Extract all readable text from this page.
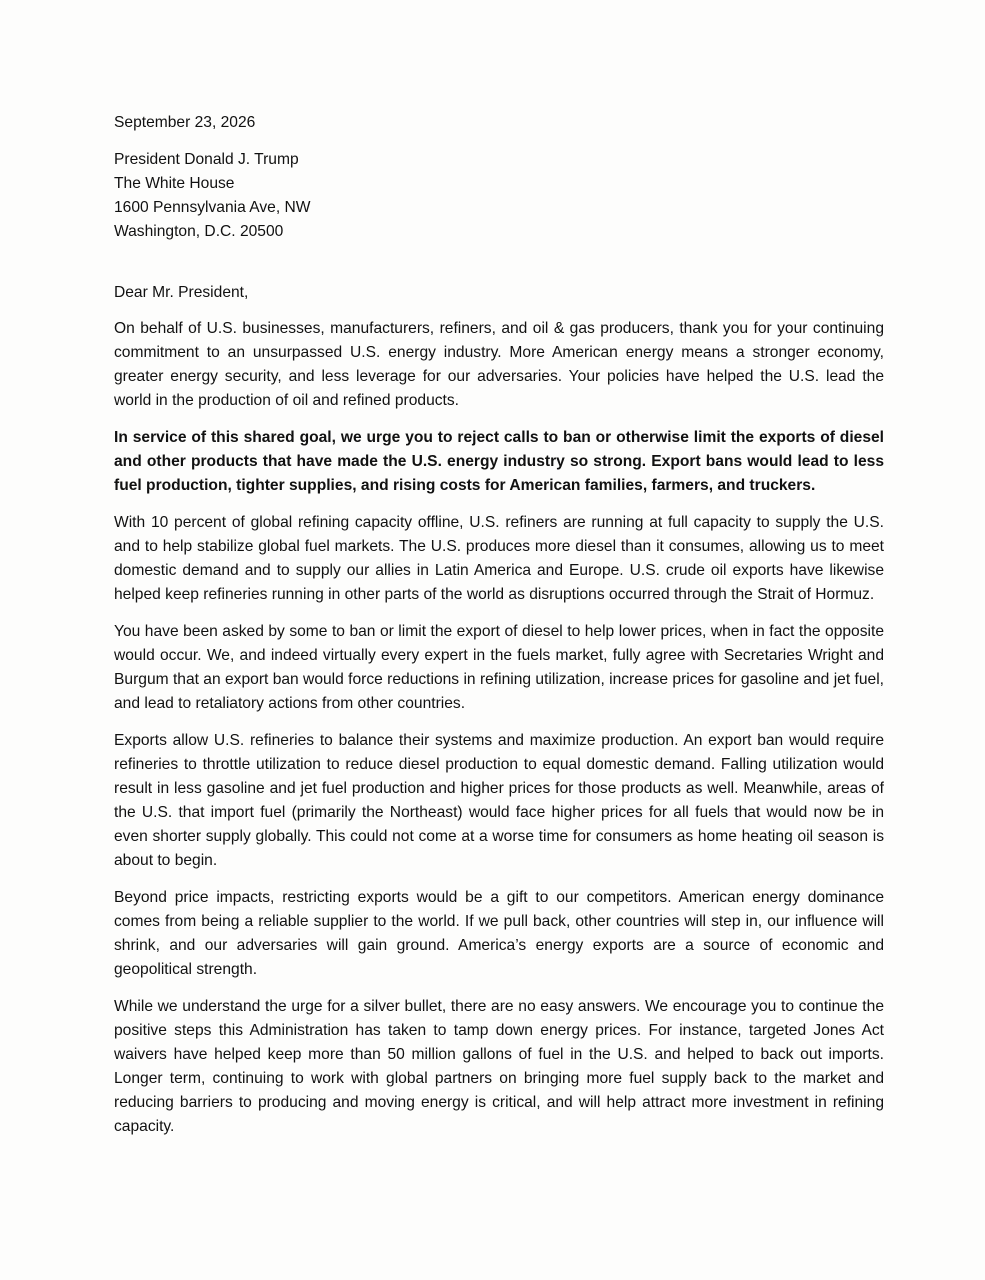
September 23, 2026
President Donald J. Trump
The White House
1600 Pennsylvania Ave, NW
Washington, D.C. 20500
Dear Mr. President,

On behalf of U.S. businesses, manufacturers, refiners, and oil & gas producers, thank you for your continuing commitment to an unsurpassed U.S. energy industry. More American energy means a stronger economy, greater energy security, and less leverage for our adversaries. Your policies have helped the U.S. lead the world in the production of oil and refined products.

In service of this shared goal, we urge you to reject calls to ban or otherwise limit the exports of diesel and other products that have made the U.S. energy industry so strong. Export bans would lead to less fuel production, tighter supplies, and rising costs for American families, farmers, and truckers.

With 10 percent of global refining capacity offline, U.S. refiners are running at full capacity to supply the U.S. and to help stabilize global fuel markets. The U.S. produces more diesel than it consumes, allowing us to meet domestic demand and to supply our allies in Latin America and Europe. U.S. crude oil exports have likewise helped keep refineries running in other parts of the world as disruptions occurred through the Strait of Hormuz.

You have been asked by some to ban or limit the export of diesel to help lower prices, when in fact the opposite would occur. We, and indeed virtually every expert in the fuels market, fully agree with Secretaries Wright and Burgum that an export ban would force reductions in refining utilization, increase prices for gasoline and jet fuel, and lead to retaliatory actions from other countries.

Exports allow U.S. refineries to balance their systems and maximize production. An export ban would require refineries to throttle utilization to reduce diesel production to equal domestic demand. Falling utilization would result in less gasoline and jet fuel production and higher prices for those products as well. Meanwhile, areas of the U.S. that import fuel (primarily the Northeast) would face higher prices for all fuels that would now be in even shorter supply globally. This could not come at a worse time for consumers as home heating oil season is about to begin.

Beyond price impacts, restricting exports would be a gift to our competitors. American energy dominance comes from being a reliable supplier to the world. If we pull back, other countries will step in, our influence will shrink, and our adversaries will gain ground. America’s energy exports are a source of economic and geopolitical strength.

While we understand the urge for a silver bullet, there are no easy answers. We encourage you to continue the positive steps this Administration has taken to tamp down energy prices. For instance, targeted Jones Act waivers have helped keep more than 50 million gallons of fuel in the U.S. and helped to back out imports. Longer term, continuing to work with global partners on bringing more fuel supply back to the market and reducing barriers to producing and moving energy is critical, and will help attract more investment in refining capacity.
